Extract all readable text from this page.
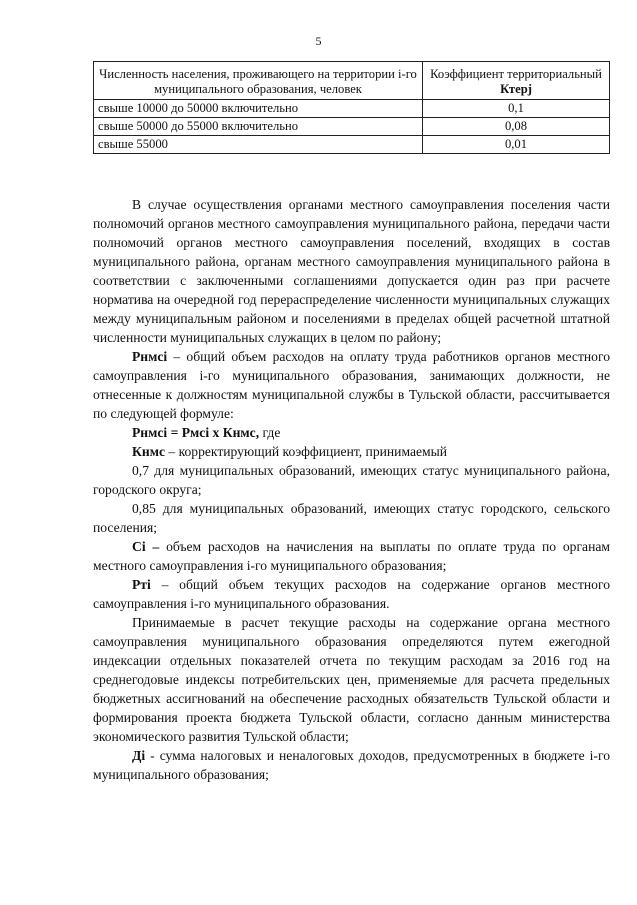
5
Численность населения, проживающего на территории i-го муниципального образования, человек	Коэффициент территориальный Ктерj
свыше 10000 до 50000 включительно	0,1
свыше 50000 до 55000 включительно	0,08
свыше 55000	0,01

В случае осуществления органами местного самоуправления поселения части полномочий органов местного самоуправления муниципального района, передачи части полномочий органов местного самоуправления поселений, входящих в состав муниципального района, органам местного самоуправления муниципального района в соответствии с заключенными соглашениями допускается один раз при расчете норматива на очередной год перераспределение численности муниципальных служащих между муниципальным районом и поселениями в пределах общей расчетной штатной численности муниципальных служащих в целом по району;

Рнмсі – общий объем расходов на оплату труда работников органов местного самоуправления i-го муниципального образования, занимающих должности, не отнесенные к должностям муниципальной службы в Тульской области, рассчитывается по следующей формуле:

Рнмсі = Рмсі х Кнмс, где

Кнмс – корректирующий коэффициент, принимаемый

0,7 для муниципальных образований, имеющих статус муниципального района, городского округа;

0,85 для муниципальных образований, имеющих статус городского, сельского поселения;

Сі – объем расходов на начисления на выплаты по оплате труда по органам местного самоуправления i-го муниципального образования;

Рті – общий объем текущих расходов на содержание органов местного самоуправления i-го муниципального образования.

Принимаемые в расчет текущие расходы на содержание органа местного самоуправления муниципального образования определяются путем ежегодной индексации отдельных показателей отчета по текущим расходам за 2016 год на среднегодовые индексы потребительских цен, применяемые для расчета предельных бюджетных ассигнований на обеспечение расходных обязательств Тульской области и формирования проекта бюджета Тульской области, согласно данным министерства экономического развития Тульской области;

Ді - сумма налоговых и неналоговых доходов, предусмотренных в бюджете i-го муниципального образования;
